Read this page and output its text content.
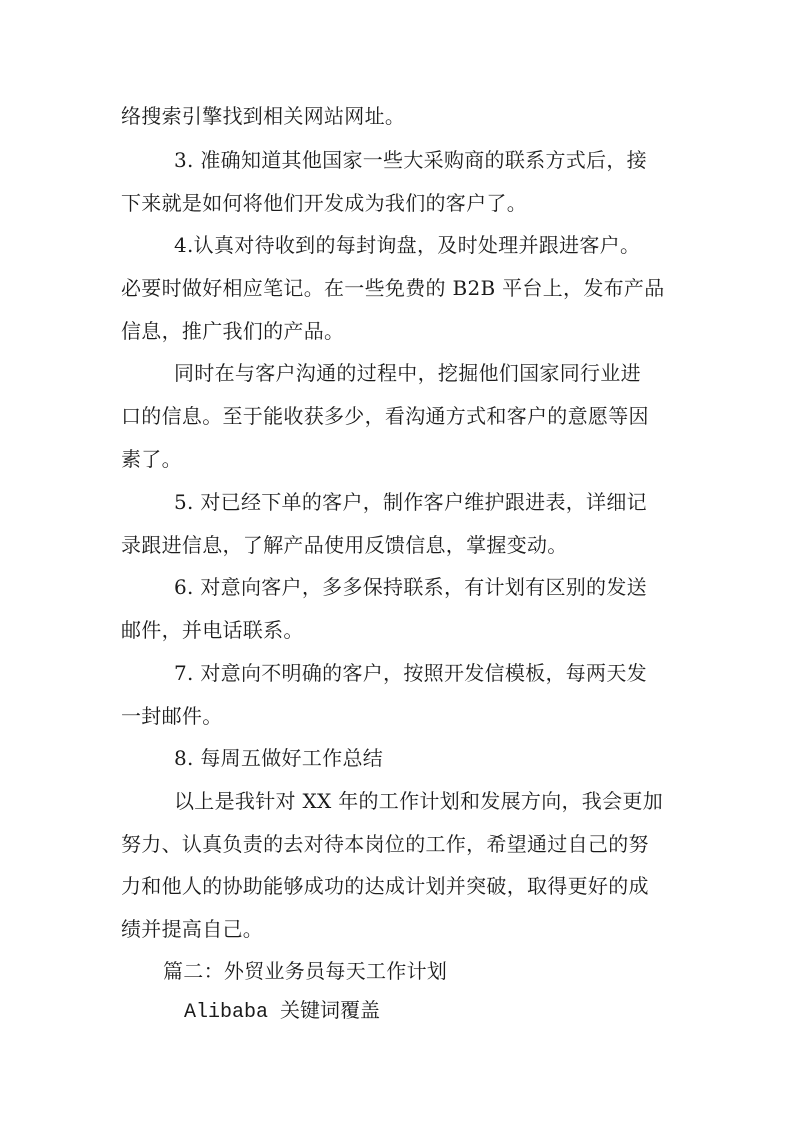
络搜索引擎找到相关网站网址。
3. 准确知道其他国家一些大采购商的联系方式后，接
下来就是如何将他们开发成为我们的客户了。
4.认真对待收到的每封询盘，及时处理并跟进客户。
必要时做好相应笔记。在一些免费的 B2B 平台上，发布产品
信息，推广我们的产品。
同时在与客户沟通的过程中，挖掘他们国家同行业进
口的信息。至于能收获多少，看沟通方式和客户的意愿等因
素了。
5. 对已经下单的客户，制作客户维护跟进表，详细记
录跟进信息，了解产品使用反馈信息，掌握变动。
6. 对意向客户，多多保持联系，有计划有区别的发送
邮件，并电话联系。
7. 对意向不明确的客户，按照开发信模板，每两天发
一封邮件。
8. 每周五做好工作总结
以上是我针对 XX 年的工作计划和发展方向，我会更加
努力、认真负责的去对待本岗位的工作，希望通过自己的努
力和他人的协助能够成功的达成计划并突破，取得更好的成
绩并提高自己。
篇二：外贸业务员每天工作计划
Alibaba 关键词覆盖
